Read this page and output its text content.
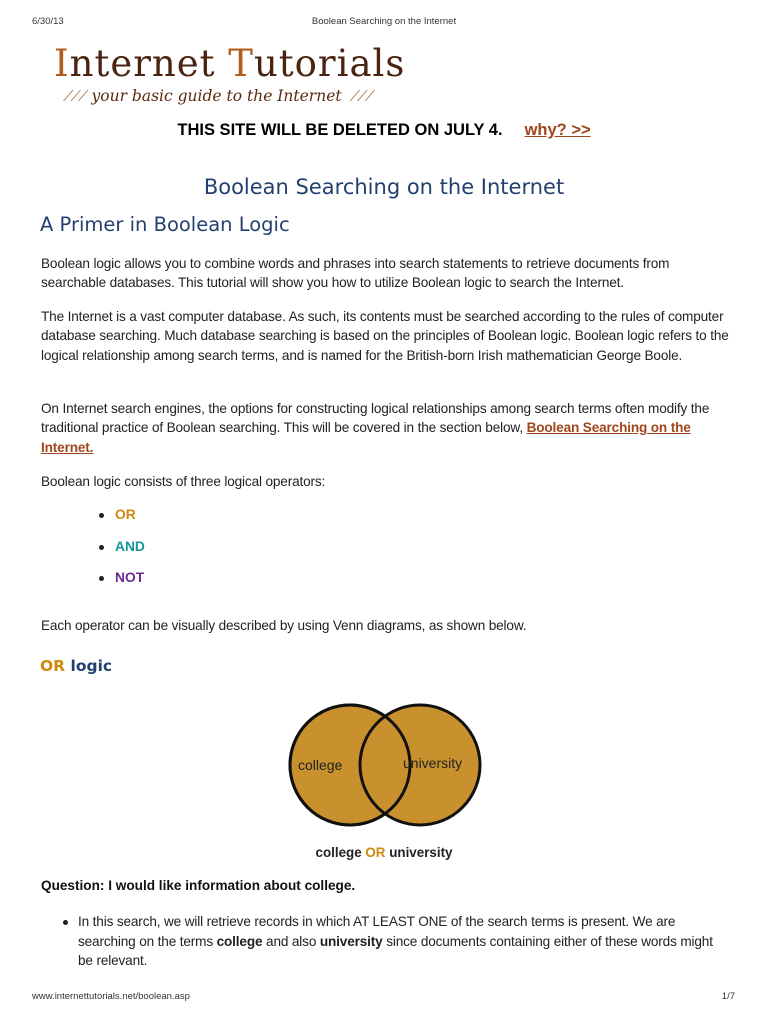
6/30/13	Boolean Searching on the Internet
Internet Tutorials
⟋⟋⟋ your basic guide to the Internet ⟋⟋⟋
THIS SITE WILL BE DELETED ON JULY 4. why? >>
Boolean Searching on the Internet
A Primer in Boolean Logic
Boolean logic allows you to combine words and phrases into search statements to retrieve documents from searchable databases. This tutorial will show you how to utilize Boolean logic to search the Internet.
The Internet is a vast computer database. As such, its contents must be searched according to the rules of computer database searching. Much database searching is based on the principles of Boolean logic. Boolean logic refers to the logical relationship among search terms, and is named for the British-born Irish mathematician George Boole.
On Internet search engines, the options for constructing logical relationships among search terms often modify the traditional practice of Boolean searching. This will be covered in the section below, Boolean Searching on the Internet.
Boolean logic consists of three logical operators:
OR
AND
NOT
Each operator can be visually described by using Venn diagrams, as shown below.
OR logic
college	university
college OR university
Question: I would like information about college.
In this search, we will retrieve records in which AT LEAST ONE of the search terms is present. We are searching on the terms college and also university since documents containing either of these words might be relevant.
www.internettutorials.net/boolean.asp	1/7
